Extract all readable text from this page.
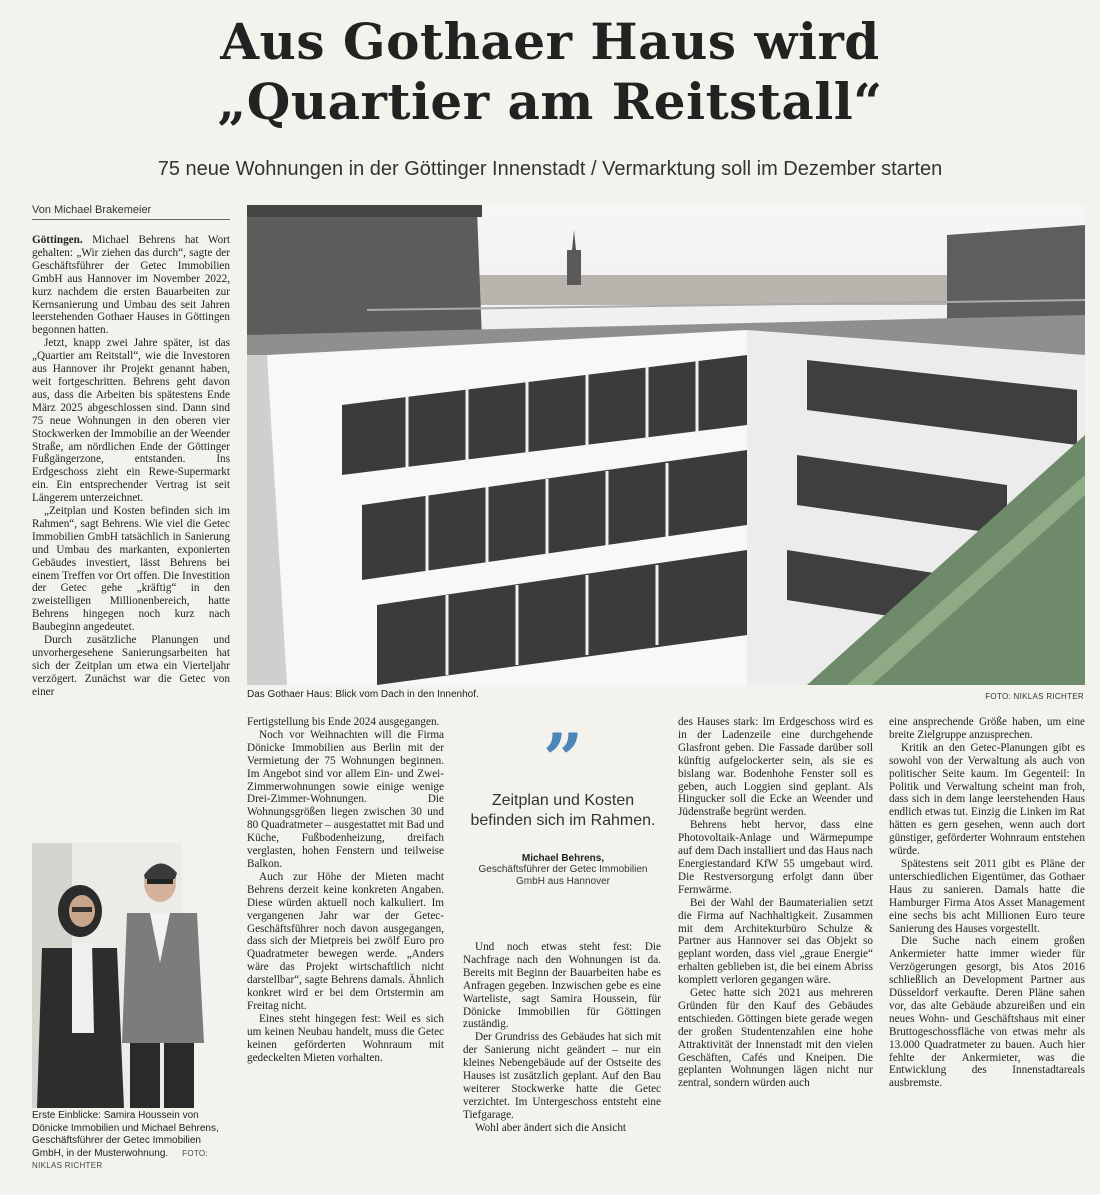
Aus Gothaer Haus wird
„Quartier am Reitstall“
75 neue Wohnungen in der Göttinger Innenstadt / Vermarktung soll im Dezember starten
Von Michael Brakemeier

Göttingen. Michael Behrens hat Wort gehalten: „Wir ziehen das durch“, sagte der Geschäftsführer der Getec Immobilien GmbH aus Hannover im November 2022, kurz nachdem die ersten Bauarbeiten zur Kernsanierung und Umbau des seit Jahren leerstehenden Gothaer Hauses in Göttingen begonnen hatten.

Jetzt, knapp zwei Jahre später, ist das „Quartier am Reitstall“, wie die Investoren aus Hannover ihr Projekt genannt haben, weit fortgeschritten. Behrens geht davon aus, dass die Arbeiten bis spätestens Ende März 2025 abgeschlossen sind. Dann sind 75 neue Wohnungen in den oberen vier Stockwerken der Immobilie an der Weender Straße, am nördlichen Ende der Göttinger Fußgängerzone, entstanden. Ins Erdgeschoss zieht ein Rewe-Supermarkt ein. Ein entsprechender Vertrag ist seit Längerem unterzeichnet.

„Zeitplan und Kosten befinden sich im Rahmen“, sagt Behrens. Wie viel die Getec Immobilien GmbH tatsächlich in Sanierung und Umbau des markanten, exponierten Gebäudes investiert, lässt Behrens bei einem Treffen vor Ort offen. Die Investition der Getec gehe „kräftig“ in den zweistelligen Millionenbereich, hatte Behrens hingegen noch kurz nach Baubeginn angedeutet.

Durch zusätzliche Planungen und unvorhergesehene Sanierungsarbeiten hat sich der Zeitplan um etwa ein Vierteljahr verzögert. Zunächst war die Getec von einer	Das Gothaer Haus: Blick vom Dach in den Innenhof.	FOTO: NIKLAS RICHTER
Erste Einblicke: Samira Houssein von Dönicke Immobilien und Michael Behrens, Geschäftsführer der Getec Immobilien GmbH, in der Musterwohnung. FOTO: NIKLAS RICHTER

Fertigstellung bis Ende 2024 ausgegangen.

Noch vor Weihnachten will die Firma Dönicke Immobilien aus Berlin mit der Vermietung der 75 Wohnungen beginnen. Im Angebot sind vor allem Ein- und Zwei-Zimmerwohnungen sowie einige wenige Drei-Zimmer-Wohnungen. Die Wohnungsgrößen liegen zwischen 30 und 80 Quadratmeter – ausgestattet mit Bad und Küche, Fußbodenheizung, dreifach verglasten, hohen Fenstern und teilweise Balkon.

Auch zur Höhe der Mieten macht Behrens derzeit keine konkreten Angaben. Diese würden aktuell noch kalkuliert. Im vergangenen Jahr war der Getec-Geschäftsführer noch davon ausgegangen, dass sich der Mietpreis bei zwölf Euro pro Quadratmeter bewegen werde. „Anders wäre das Projekt wirtschaftlich nicht darstellbar“, sagte Behrens damals. Ähnlich konkret wird er bei dem Ortstermin am Freitag nicht.

Eines steht hingegen fest: Weil es sich um keinen Neubau handelt, muss die Getec keinen geförderten Wohnraum mit gedeckelten Mieten vorhalten.

”
Zeitplan und Kosten befinden sich im Rahmen.
Michael Behrens,
Geschäftsführer der Getec Immobilien GmbH aus Hannover

Und noch etwas steht fest: Die Nachfrage nach den Wohnungen ist da. Bereits mit Beginn der Bauarbeiten habe es Anfragen gegeben. Inzwischen gebe es eine Warteliste, sagt Samira Houssein, für Dönicke Immobilien für Göttingen zuständig.

Der Grundriss des Gebäudes hat sich mit der Sanierung nicht geändert – nur ein kleines Nebengebäude auf der Ostseite des Hauses ist zusätzlich geplant. Auf den Bau weiterer Stockwerke hatte die Getec verzichtet. Im Untergeschoss entsteht eine Tiefgarage.

Wohl aber ändert sich die Ansicht

des Hauses stark: Im Erdgeschoss wird es in der Ladenzeile eine durchgehende Glasfront geben. Die Fassade darüber soll künftig aufgelockerter sein, als sie es bislang war. Bodenhohe Fenster soll es geben, auch Loggien sind geplant. Als Hingucker soll die Ecke an Weender und Jüdenstraße begrünt werden.

Behrens hebt hervor, dass eine Photovoltaik-Anlage und Wärmepumpe auf dem Dach installiert und das Haus nach Energiestandard KfW 55 umgebaut wird. Die Restversorgung erfolgt dann über Fernwärme.

Bei der Wahl der Baumaterialien setzt die Firma auf Nachhaltigkeit. Zusammen mit dem Architekturbüro Schulze & Partner aus Hannover sei das Objekt so geplant worden, dass viel „graue Energie“ erhalten geblieben ist, die bei einem Abriss komplett verloren gegangen wäre.

Getec hatte sich 2021 aus mehreren Gründen für den Kauf des Gebäudes entschieden. Göttingen biete gerade wegen der großen Studentenzahlen eine hohe Attraktivität der Innenstadt mit den vielen Geschäften, Cafés und Kneipen. Die geplanten Wohnungen lägen nicht nur zentral, sondern würden auch

eine ansprechende Größe haben, um eine breite Zielgruppe anzusprechen.

Kritik an den Getec-Planungen gibt es sowohl von der Verwaltung als auch von politischer Seite kaum. Im Gegenteil: In Politik und Verwaltung scheint man froh, dass sich in dem lange leerstehenden Haus endlich etwas tut. Einzig die Linken im Rat hätten es gern gesehen, wenn auch dort günstiger, geförderter Wohnraum entstehen würde.

Spätestens seit 2011 gibt es Pläne der unterschiedlichen Eigentümer, das Gothaer Haus zu sanieren. Damals hatte die Hamburger Firma Atos Asset Management eine sechs bis acht Millionen Euro teure Sanierung des Hauses vorgestellt.

Die Suche nach einem großen Ankermieter hatte immer wieder für Verzögerungen gesorgt, bis Atos 2016 schließlich an Development Partner aus Düsseldorf verkaufte. Deren Pläne sahen vor, das alte Gebäude abzureißen und ein neues Wohn- und Geschäftshaus mit einer Bruttogeschossfläche von etwas mehr als 13.000 Quadratmeter zu bauen. Auch hier fehlte der Ankermieter, was die Entwicklung des Innenstadtareals ausbremste.
